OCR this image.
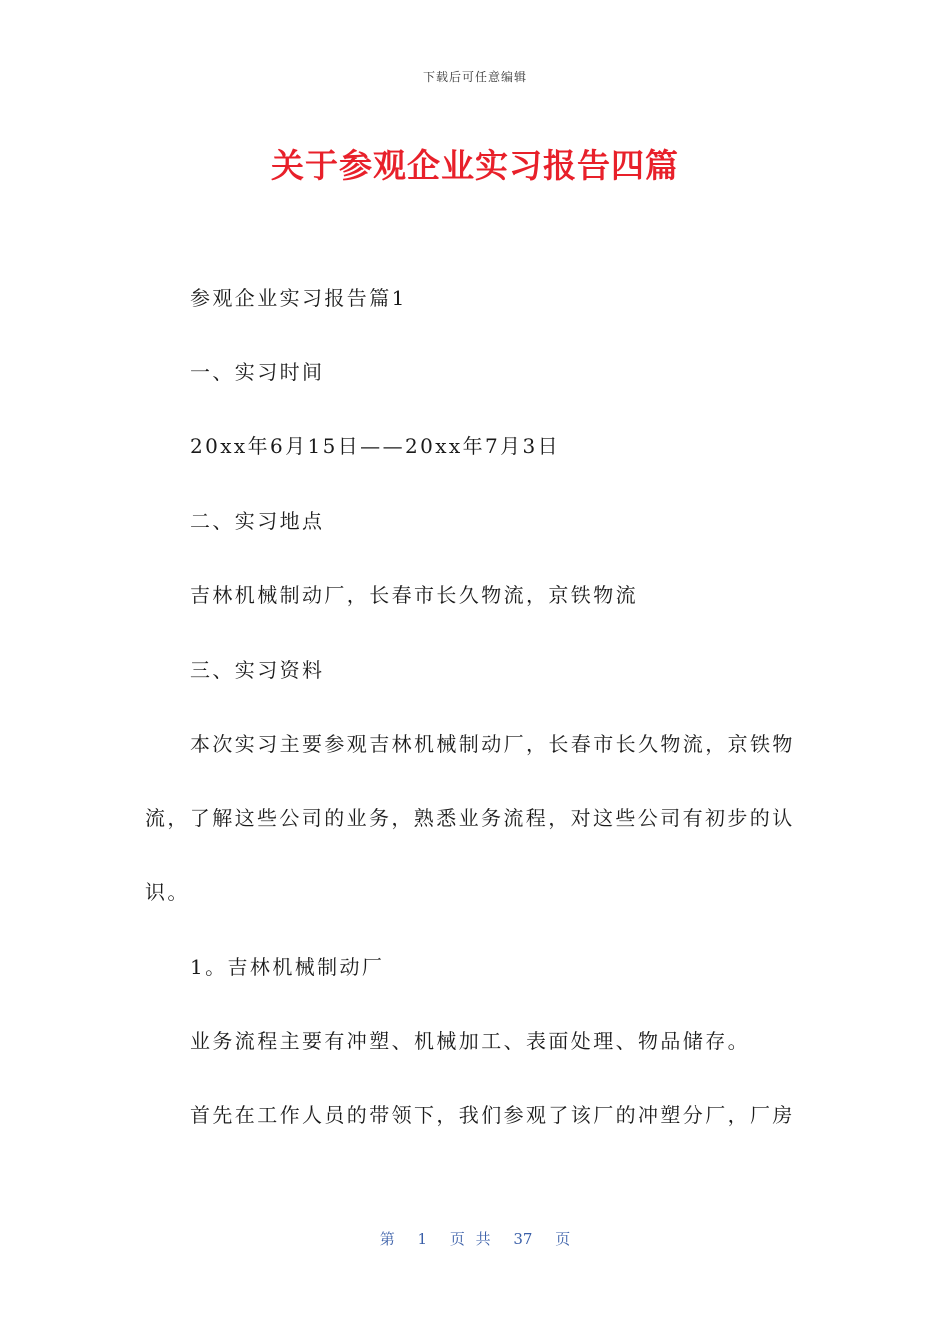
下载后可任意编辑
关于参观企业实习报告四篇
参观企业实习报告篇1
一、实习时间
20xx年6月15日——20xx年7月3日
二、实习地点
吉林机械制动厂，长春市长久物流，京铁物流
三、实习资料
本次实习主要参观吉林机械制动厂，长春市长久物流，京铁物
流，了解这些公司的业务，熟悉业务流程，对这些公司有初步的认
识。
1。吉林机械制动厂
业务流程主要有冲塑、机械加工、表面处理、物品储存。
首先在工作人员的带领下，我们参观了该厂的冲塑分厂，厂房
第 1 页 共 37 页
